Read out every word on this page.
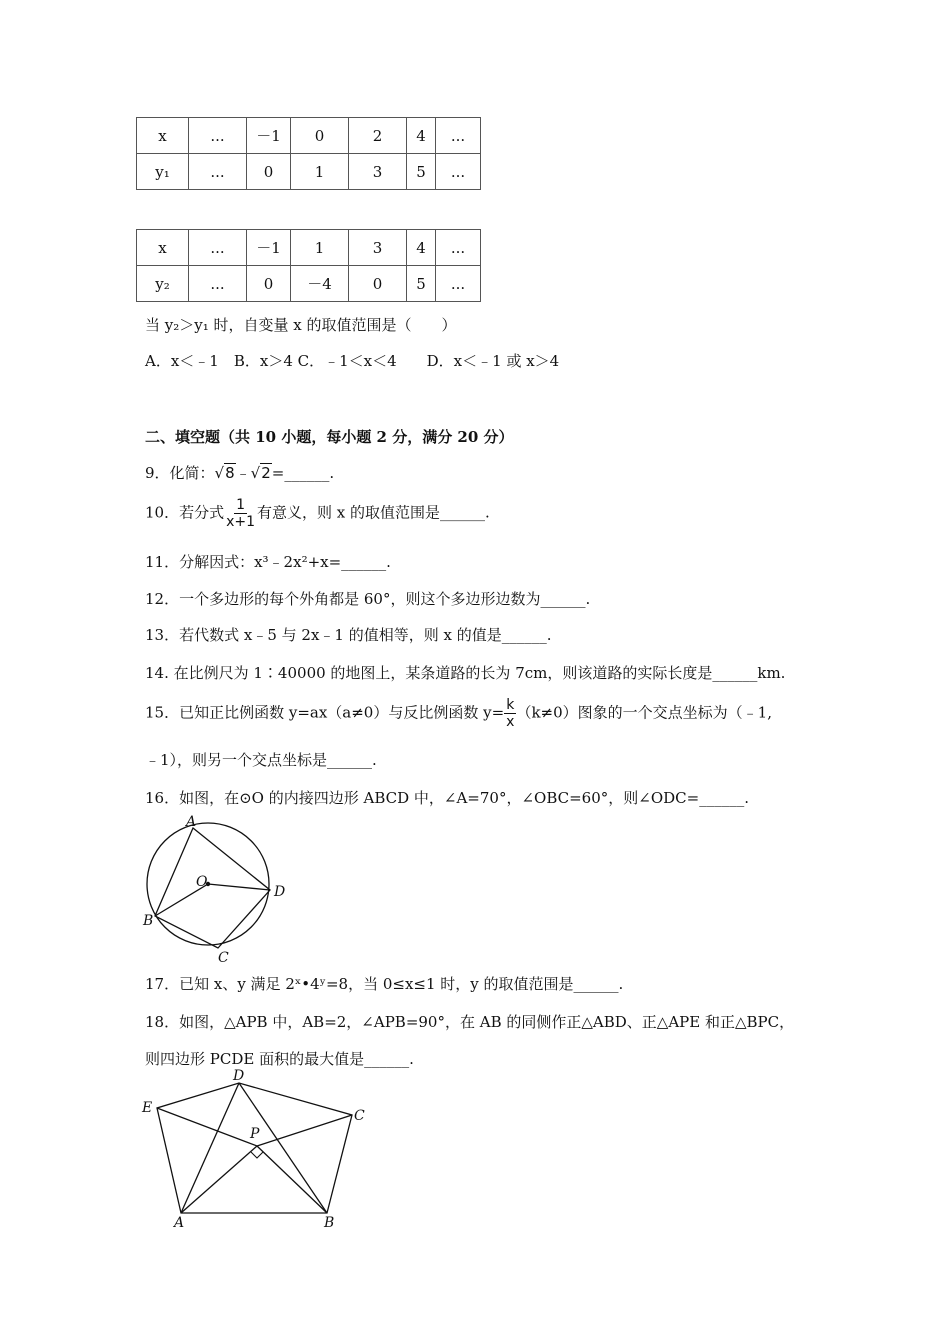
x	...	－1	0	2	4	...
y₁	...	0	1	3	5	...
x	...	－1	1	3	4	...
y₂	...	0	－4	0	5	...
当 y₂＞y₁ 时，自变量 x 的取值范围是（　　）
A．x＜﹣1　B．x＞4 C．﹣1＜x＜4　　D．x＜﹣1 或 x＞4
二、填空题（共 10 小题，每小题 2 分，满分 20 分）
9．化简：√8﹣√2=______.
10．若分式 $\frac{1}{x+1}$ 有意义，则 x 的取值范围是______.
11．分解因式：x³﹣2x²+x=______.
12．一个多边形的每个外角都是 60°，则这个多边形边数为______.
13．若代数式 x﹣5 与 2x﹣1 的值相等，则 x 的值是______.
14. 在比例尺为 1∶40000 的地图上，某条道路的长为 7cm，则该道路的实际长度是______km.
15．已知正比例函数 y=ax（a≠0）与反比例函数 $y= \frac{k}{x} (k\ne 0)$图象的一个交点坐标为（﹣1,
﹣1），则另一个交点坐标是______.
16．如图，在⊙O 的内接四边形 ABCD 中，∠A=70°，∠OBC=60°，则∠ODC=______.
A
O
D
B
C
17．已知 x、y 满足 2ˣ•4ʸ=8，当 0≤x≤1 时，y 的取值范围是______.
18．如图，△APB 中，AB=2，∠APB=90°，在 AB 的同侧作正△ABD、正△APE 和正△BPC，
则四边形 PCDE 面积的最大值是______.
E
D
C
P
A	B
